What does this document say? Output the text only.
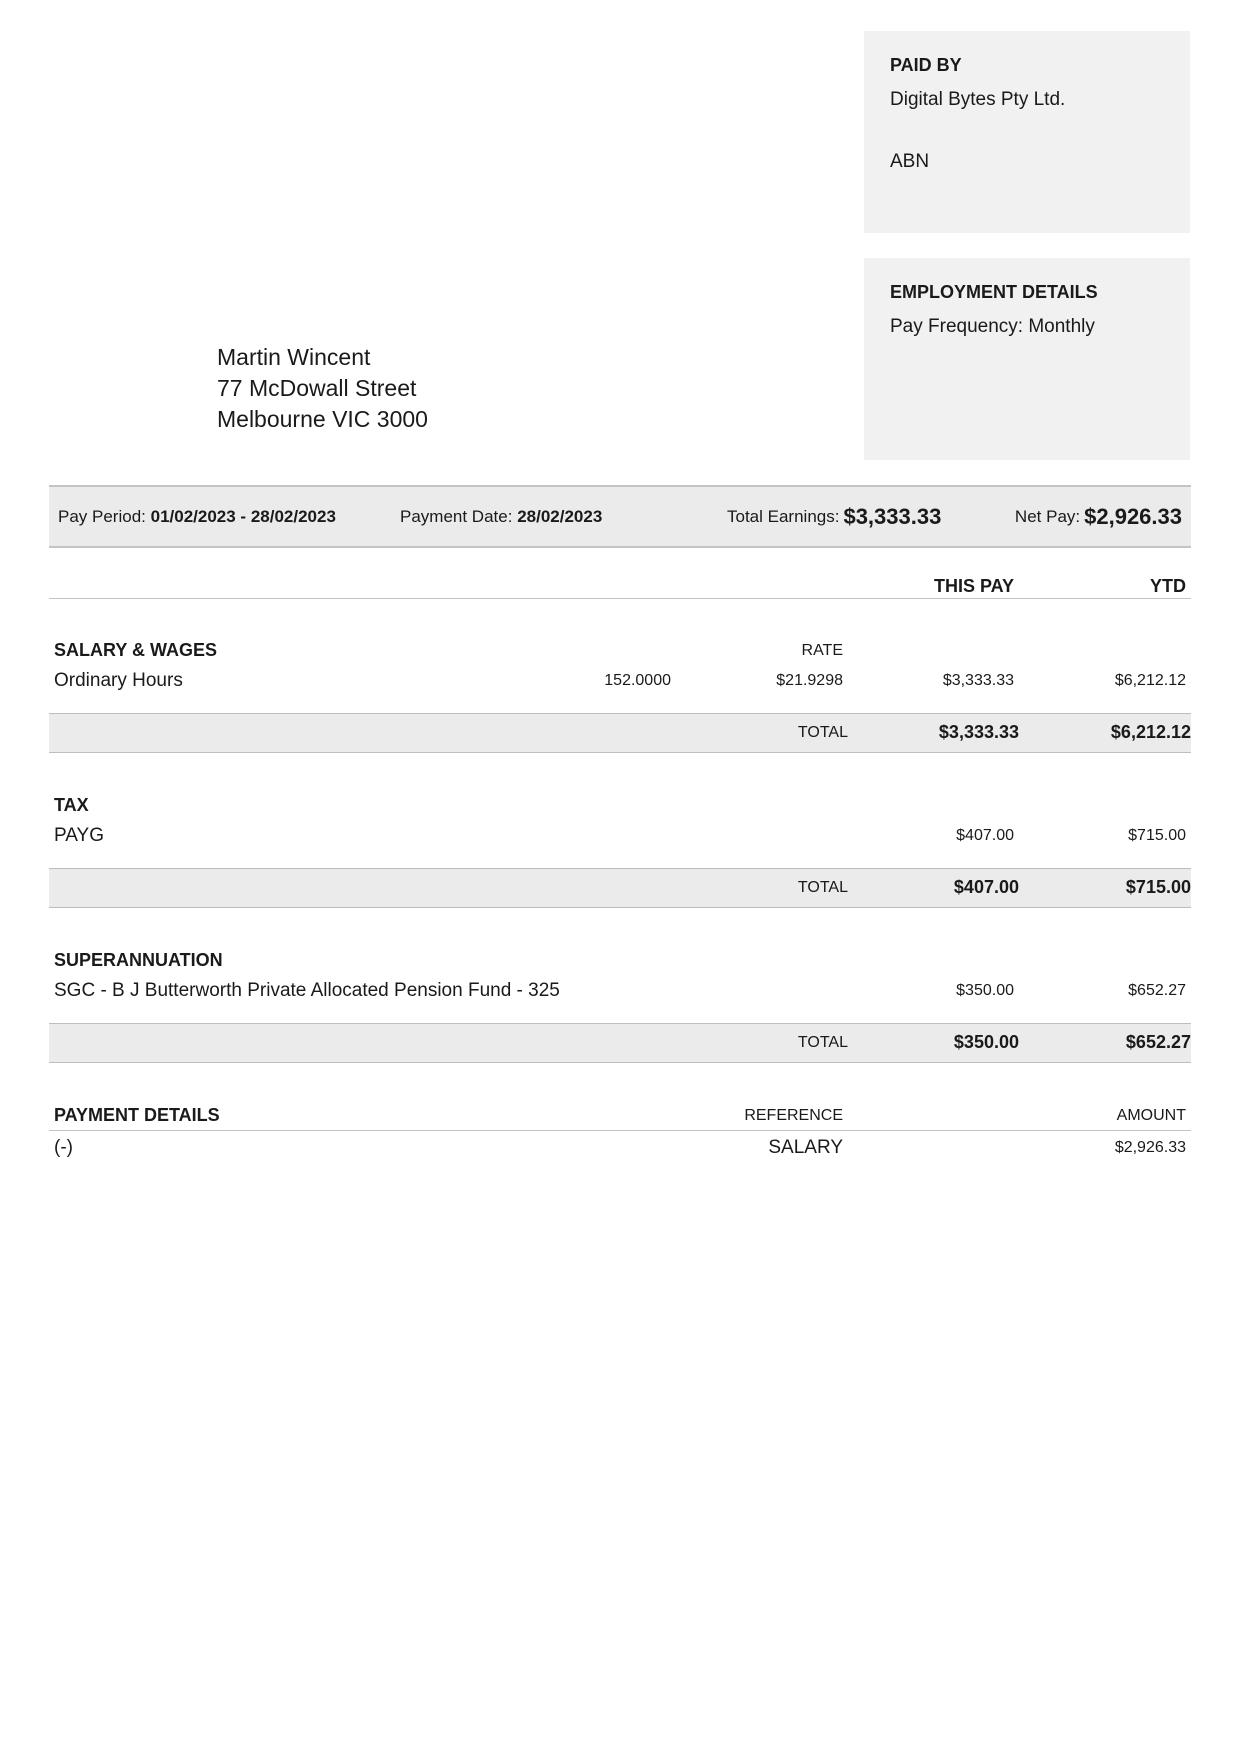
PAID BY
Digital Bytes Pty Ltd.
ABN
EMPLOYMENT DETAILS
Pay Frequency: Monthly
Martin Wincent
77 McDowall Street
Melbourne VIC 3000
Pay Period:
01/02/2023 - 28/02/2023	Payment Date:
28/02/2023	Total Earnings: $3,333.33	Net Pay: $2,926.33
THIS PAY	YTD
SALARY & WAGES	RATE
Ordinary Hours	152.0000	$21.9298	$3,333.33	$6,212.12
TOTAL	$3,333.33	$6,212.12
TAX
PAYG	$407.00	$715.00
TOTAL	$407.00	$715.00
SUPERANNUATION
SGC - B J Butterworth Private Allocated Pension Fund - 325	$350.00	$652.27
TOTAL	$350.00	$652.27
PAYMENT DETAILS	REFERENCE	AMOUNT
(-)	SALARY	$2,926.33
